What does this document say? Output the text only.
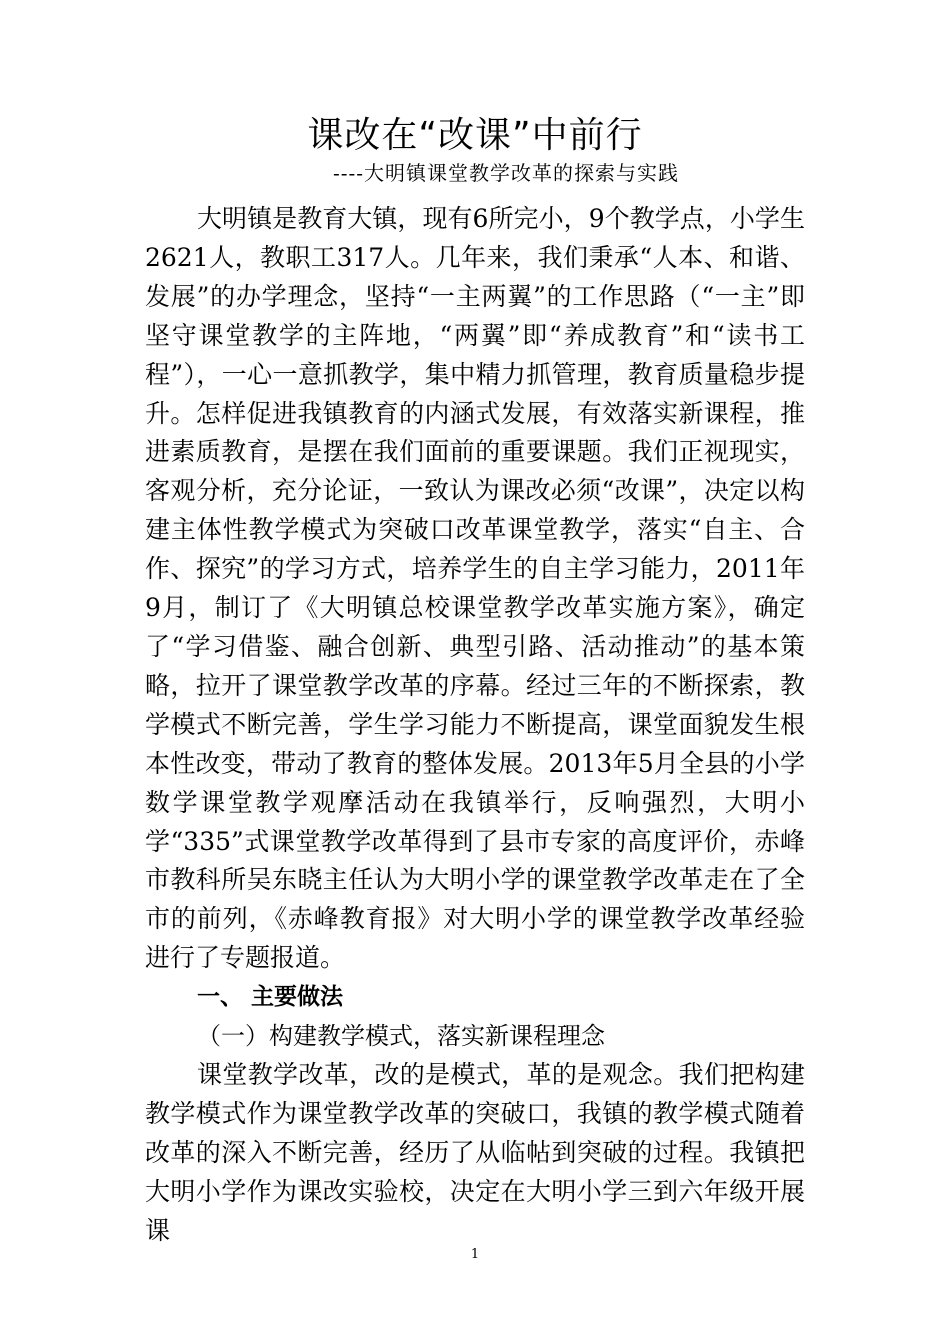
课改在“改课”中前行
----大明镇课堂教学改革的探索与实践

大明镇是教育大镇，现有6所完小，9个教学点，小学生2621人，教职工317人。几年来，我们秉承“人本、和谐、发展”的办学理念，坚持“一主两翼”的工作思路（“一主”即坚守课堂教学的主阵地，“两翼”即“养成教育”和“读书工程”），一心一意抓教学，集中精力抓管理，教育质量稳步提升。怎样促进我镇教育的内涵式发展，有效落实新课程，推进素质教育，是摆在我们面前的重要课题。我们正视现实，客观分析，充分论证，一致认为课改必须“改课”，决定以构建主体性教学模式为突破口改革课堂教学，落实“自主、合作、探究”的学习方式，培养学生的自主学习能力，2011年9月，制订了《大明镇总校课堂教学改革实施方案》，确定了“学习借鉴、融合创新、典型引路、活动推动”的基本策略，拉开了课堂教学改革的序幕。经过三年的不断探索，教学模式不断完善，学生学习能力不断提高，课堂面貌发生根本性改变，带动了教育的整体发展。2013年5月全县的小学数学课堂教学观摩活动在我镇举行，反响强烈，大明小学“335”式课堂教学改革得到了县市专家的高度评价，赤峰市教科所吴东晓主任认为大明小学的课堂教学改革走在了全市的前列，《赤峰教育报》对大明小学的课堂教学改革经验进行了专题报道。

一、 主要做法

（一）构建教学模式，落实新课程理念

课堂教学改革，改的是模式，革的是观念。我们把构建教学模式作为课堂教学改革的突破口，我镇的教学模式随着改革的深入不断完善，经历了从临帖到突破的过程。我镇把大明小学作为课改实验校，决定在大明小学三到六年级开展课

1
